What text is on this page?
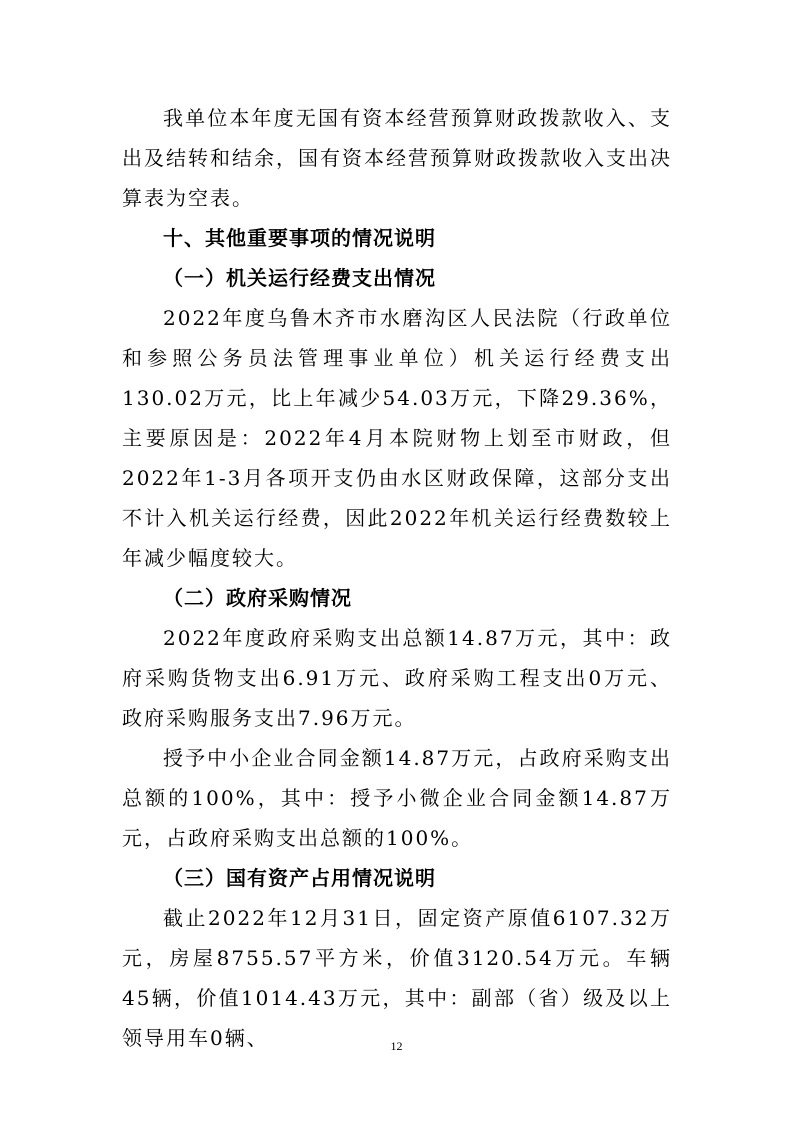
我单位本年度无国有资本经营预算财政拨款收入、支出及结转和结余，国有资本经营预算财政拨款收入支出决算表为空表。

十、其他重要事项的情况说明

（一）机关运行经费支出情况

2022年度乌鲁木齐市水磨沟区人民法院（行政单位和参照公务员法管理事业单位）机关运行经费支出130.02万元，比上年减少54.03万元，下降29.36%，主要原因是：2022年4月本院财物上划至市财政，但2022年1-3月各项开支仍由水区财政保障，这部分支出不计入机关运行经费，因此2022年机关运行经费数较上年减少幅度较大。

（二）政府采购情况

2022年度政府采购支出总额14.87万元，其中：政府采购货物支出6.91万元、政府采购工程支出0万元、政府采购服务支出7.96万元。

授予中小企业合同金额14.87万元，占政府采购支出总额的100%，其中：授予小微企业合同金额14.87万元，占政府采购支出总额的100%。

（三）国有资产占用情况说明

截止2022年12月31日，固定资产原值6107.32万元，房屋8755.57平方米，价值3120.54万元。车辆45辆，价值1014.43万元，其中：副部（省）级及以上领导用车0辆、	12
